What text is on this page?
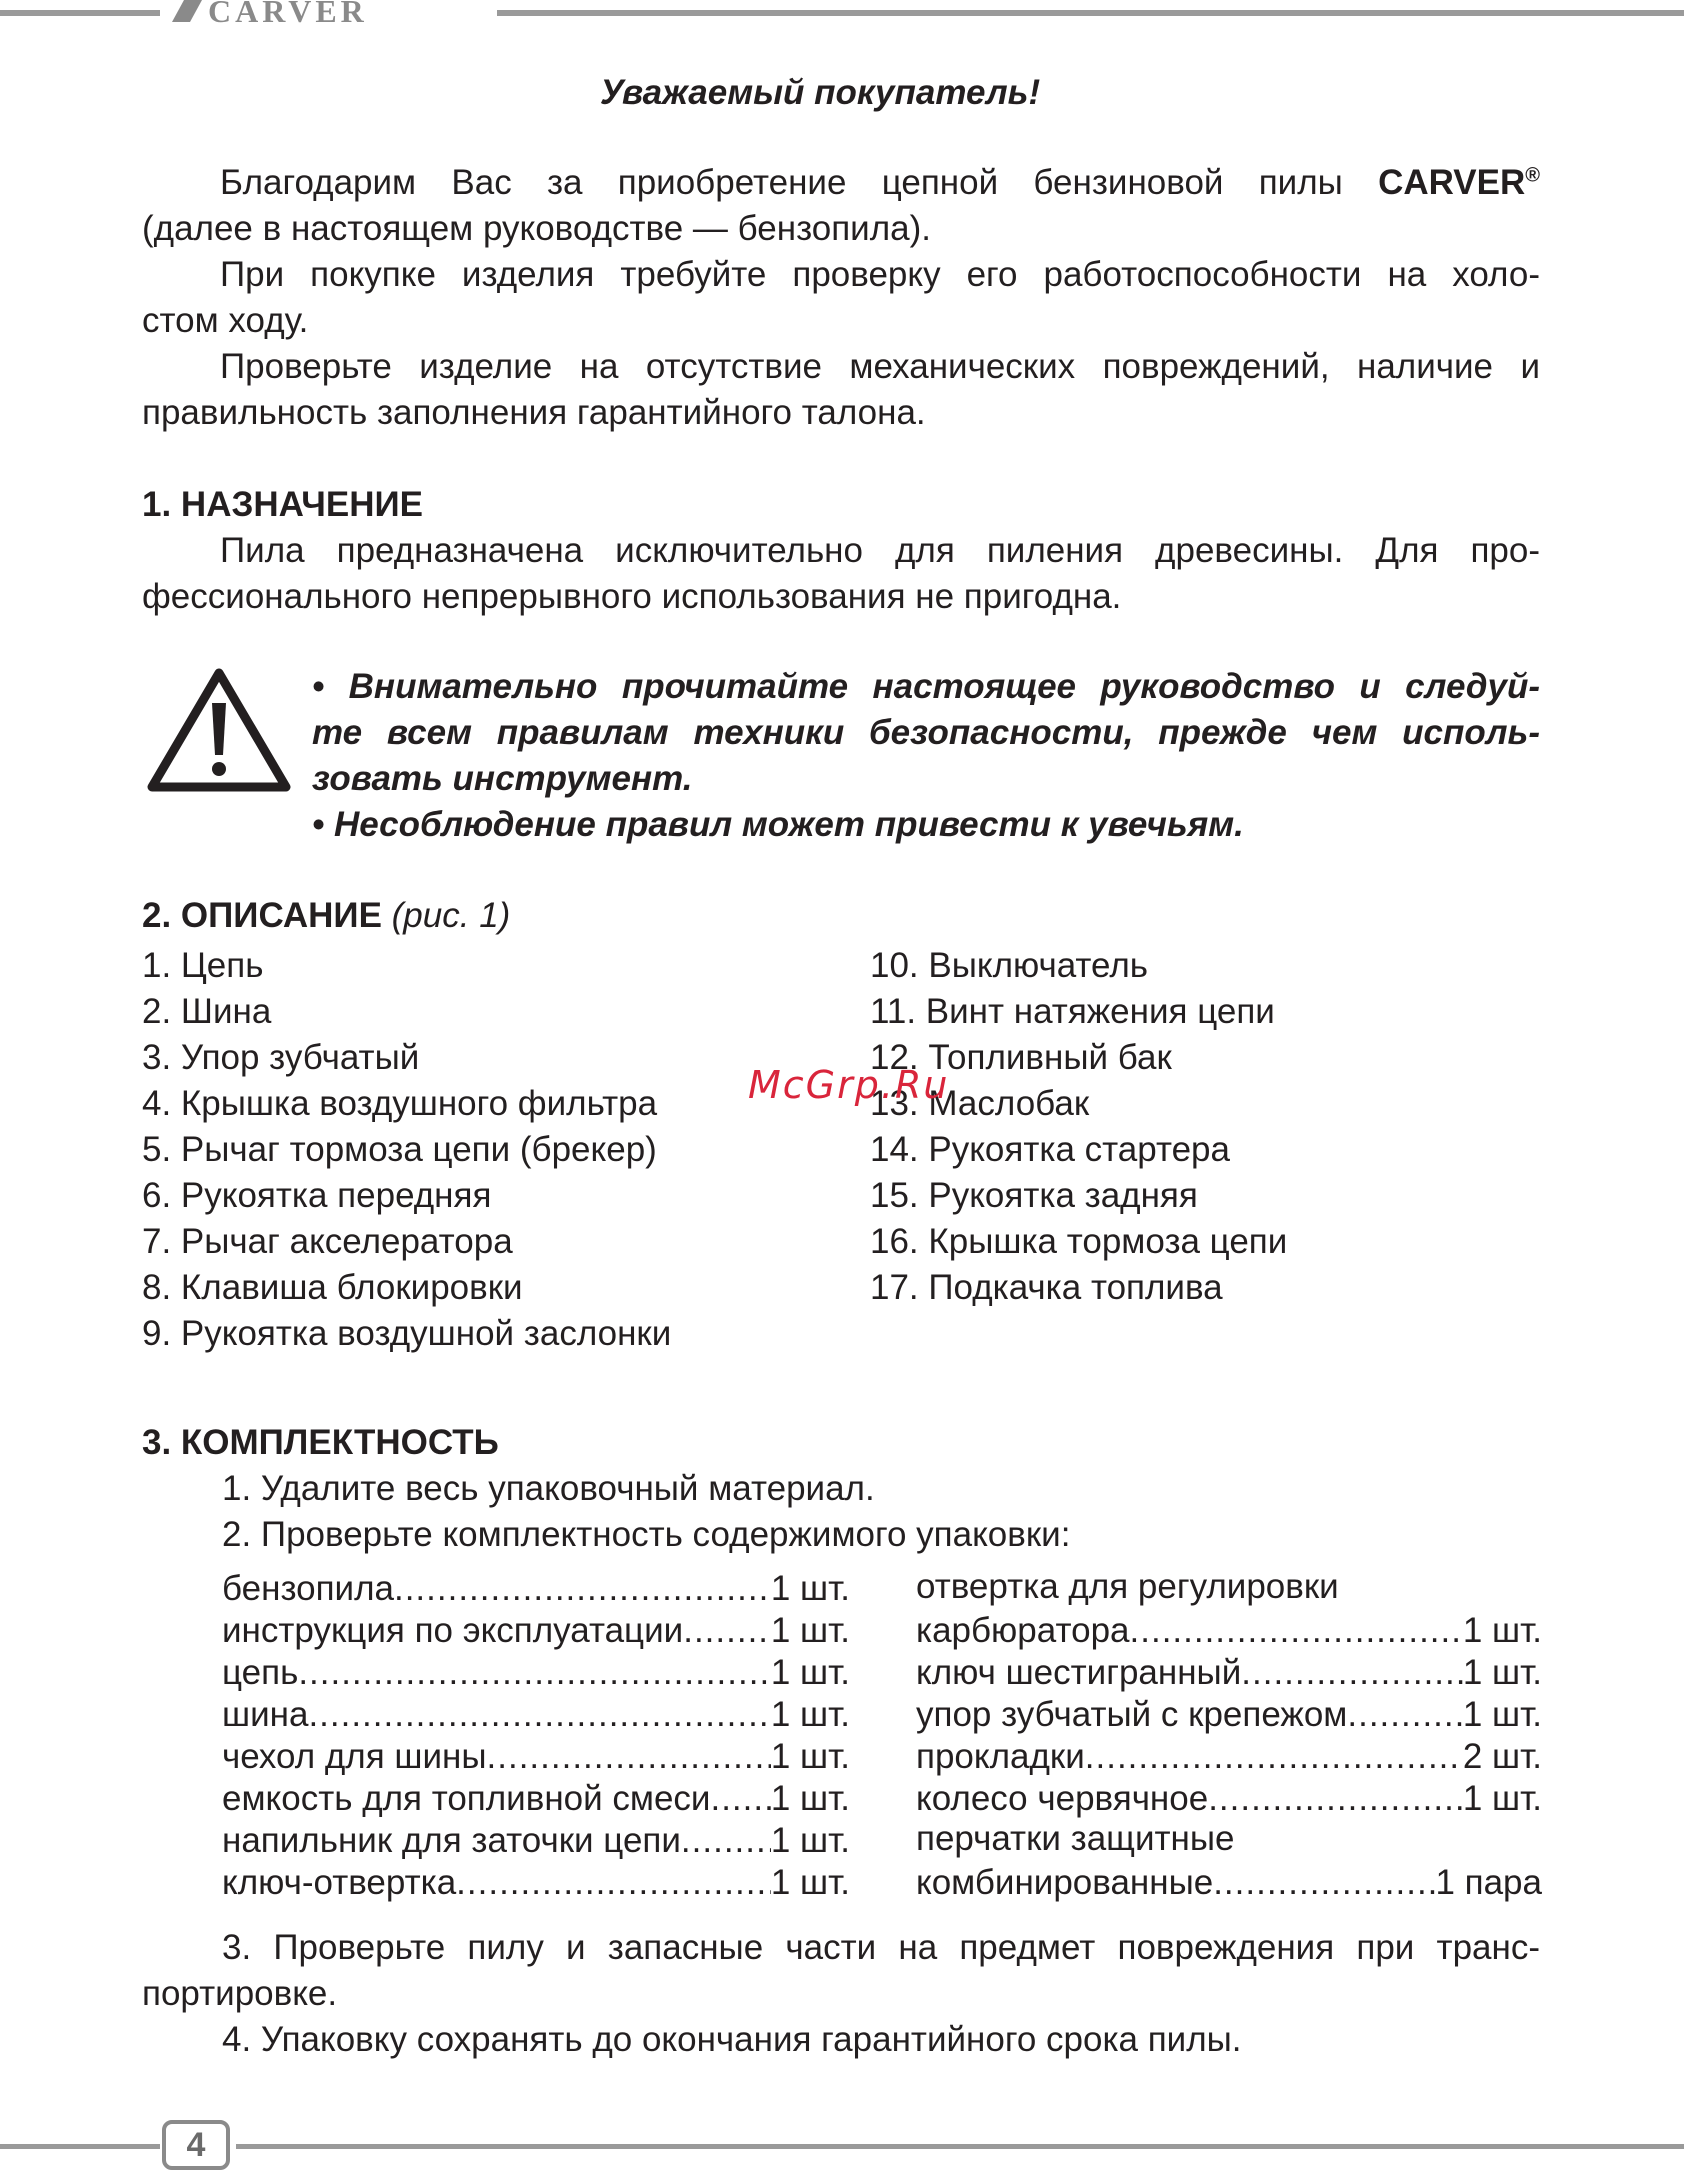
CARVER
Уважаемый покупатель!
Благодарим Вас за приобретение цепной бензиновой пилы CARVER®
(далее в настоящем руководстве — бензопила).
При покупке изделия требуйте проверку его работоспособности на холо-
стом ходу.
Проверьте изделие на отсутствие механических повреждений, наличие и
правильность заполнения гарантийного талона.
1. НАЗНАЧЕНИЕ
Пила предназначена исключительно для пиления древесины. Для про-
фессионального непрерывного использования не пригодна.
• Внимательно прочитайте настоящее руководство и следуй-
те всем правилам техники безопасности, прежде чем исполь-
зовать инструмент.
• Несоблюдение правил может привести к увечьям.
2. ОПИСАНИЕ (рис. 1)
1. Цепь
2. Шина
3. Упор зубчатый
4. Крышка воздушного фильтра
5. Рычаг тормоза цепи (брекер)
6. Рукоятка передняя
7. Рычаг акселератора
8. Клавиша блокировки
9. Рукоятка воздушной заслонки
10. Выключатель
11. Винт натяжения цепи
12. Топливный бак
13. Маслобак
14. Рукоятка стартера
15. Рукоятка задняя
16. Крышка тормоза цепи
17. Подкачка топлива
McGrp.Ru
3. КОМПЛЕКТНОСТЬ
1. Удалите весь упаковочный материал.
2. Проверьте комплектность содержимого упаковки:
бензопила .....	1 шт.
инструкция по эксплуатации .....	1 шт.
цепь .....	1 шт.
шина .....	1 шт.
чехол для шины .....	1 шт.
емкость для топливной смеси ..... 1 шт.
напильник для заточки цепи .....	1 шт.
ключ-отвертка .....	1 шт.
отвертка для регулировки
карбюратора .....	1 шт.
ключ шестигранный .....	1 шт.
упор зубчатый с крепежом .....	1 шт.
прокладки .....	2 шт.
колесо червячное .....	1 шт.
перчатки защитные
комбинированные .....	1 пара
3. Проверьте пилу и запасные части на предмет повреждения при транс-
портировке.
4. Упаковку сохранять до окончания гарантийного срока пилы.
4
